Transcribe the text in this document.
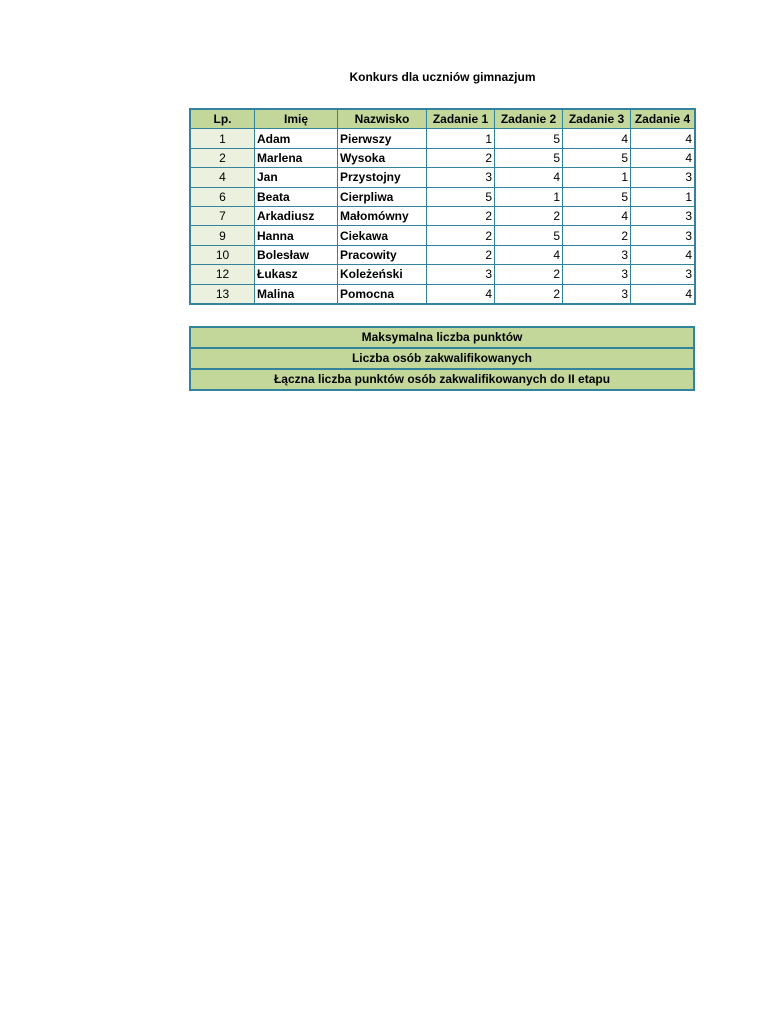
Konkurs dla uczniów gimnazjum
Lp.	Imię	Nazwisko	Zadanie 1	Zadanie 2	Zadanie 3	Zadanie 4
1	Adam	Pierwszy	1	5	4	4
2	Marlena	Wysoka	2	5	5	4
4	Jan	Przystojny	3	4	1	3
6	Beata	Cierpliwa	5	1	5	1
7	Arkadiusz	Małomówny	2	2	4	3
9	Hanna	Ciekawa	2	5	2	3
10	Bolesław	Pracowity	2	4	3	4
12	Łukasz	Koleżeński	3	2	3	3
13	Malina	Pomocna	4	2	3	4
Maksymalna liczba punktów
Liczba osób zakwalifikowanych
Łączna liczba punktów osób zakwalifikowanych do II etapu
